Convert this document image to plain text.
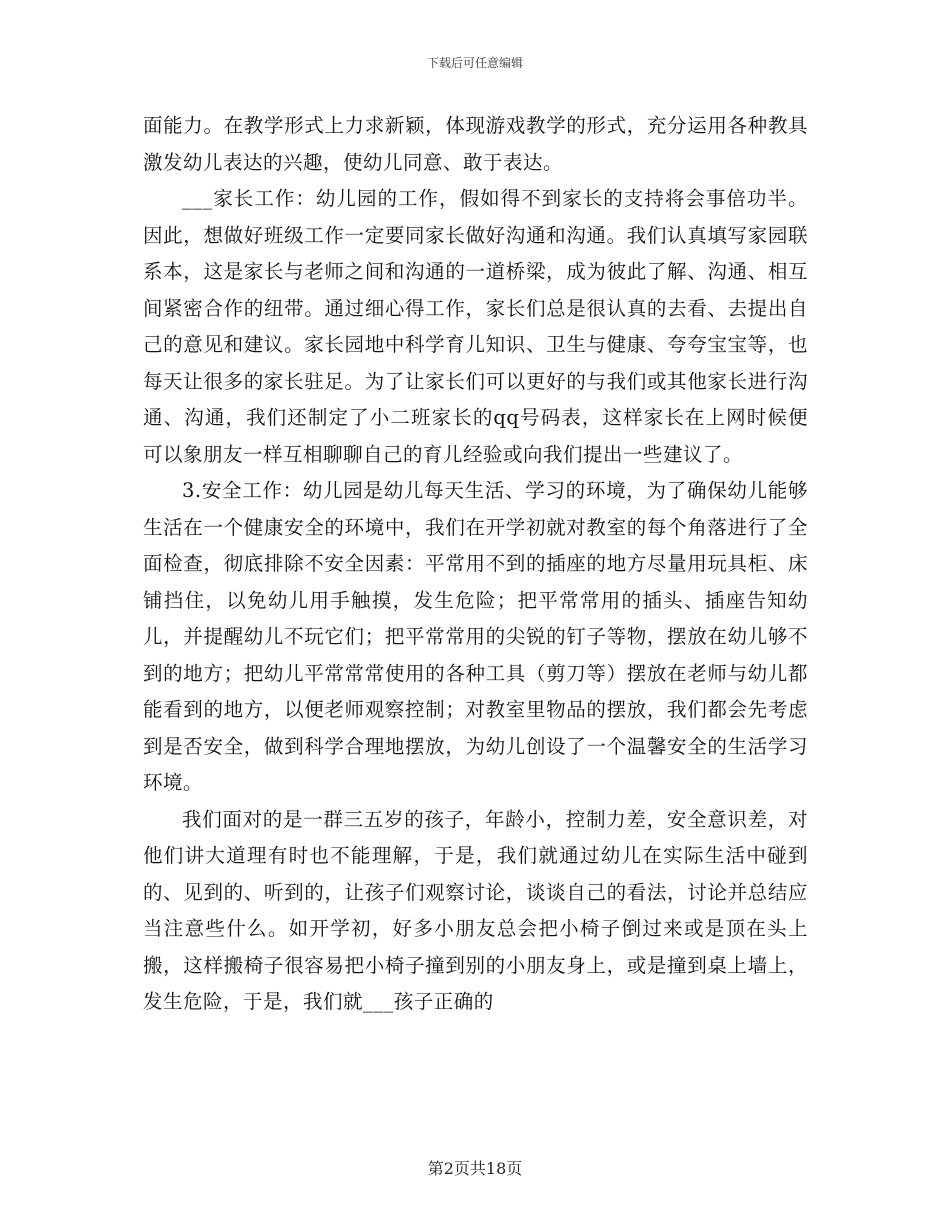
下载后可任意编辑

面能力。在教学形式上力求新颖，体现游戏教学的形式，充分运用各种教具激发幼儿表达的兴趣，使幼儿同意、敢于表达。

___家长工作：幼儿园的工作，假如得不到家长的支持将会事倍功半。因此，想做好班级工作一定要同家长做好沟通和沟通。我们认真填写家园联系本，这是家长与老师之间和沟通的一道桥梁，成为彼此了解、沟通、相互间紧密合作的纽带。通过细心得工作，家长们总是很认真的去看、去提出自己的意见和建议。家长园地中科学育儿知识、卫生与健康、夸夸宝宝等，也每天让很多的家长驻足。为了让家长们可以更好的与我们或其他家长进行沟通、沟通，我们还制定了小二班家长的qq号码表，这样家长在上网时候便可以象朋友一样互相聊聊自己的育儿经验或向我们提出一些建议了。

3.安全工作：幼儿园是幼儿每天生活、学习的环境，为了确保幼儿能够生活在一个健康安全的环境中，我们在开学初就对教室的每个角落进行了全面检查，彻底排除不安全因素：平常用不到的插座的地方尽量用玩具柜、床铺挡住，以免幼儿用手触摸，发生危险；把平常常用的插头、插座告知幼儿，并提醒幼儿不玩它们；把平常常用的尖锐的钉子等物，摆放在幼儿够不到的地方；把幼儿平常常常使用的各种工具（剪刀等）摆放在老师与幼儿都能看到的地方，以便老师观察控制；对教室里物品的摆放，我们都会先考虑到是否安全，做到科学合理地摆放，为幼儿创设了一个温馨安全的生活学习环境。

我们面对的是一群三五岁的孩子，年龄小，控制力差，安全意识差，对他们讲大道理有时也不能理解，于是，我们就通过幼儿在实际生活中碰到的、见到的、听到的，让孩子们观察讨论，谈谈自己的看法，讨论并总结应当注意些什么。如开学初，好多小朋友总会把小椅子倒过来或是顶在头上搬，这样搬椅子很容易把小椅子撞到别的小朋友身上，或是撞到桌上墙上，发生危险，于是，我们就___孩子正确的

第2页共18页
